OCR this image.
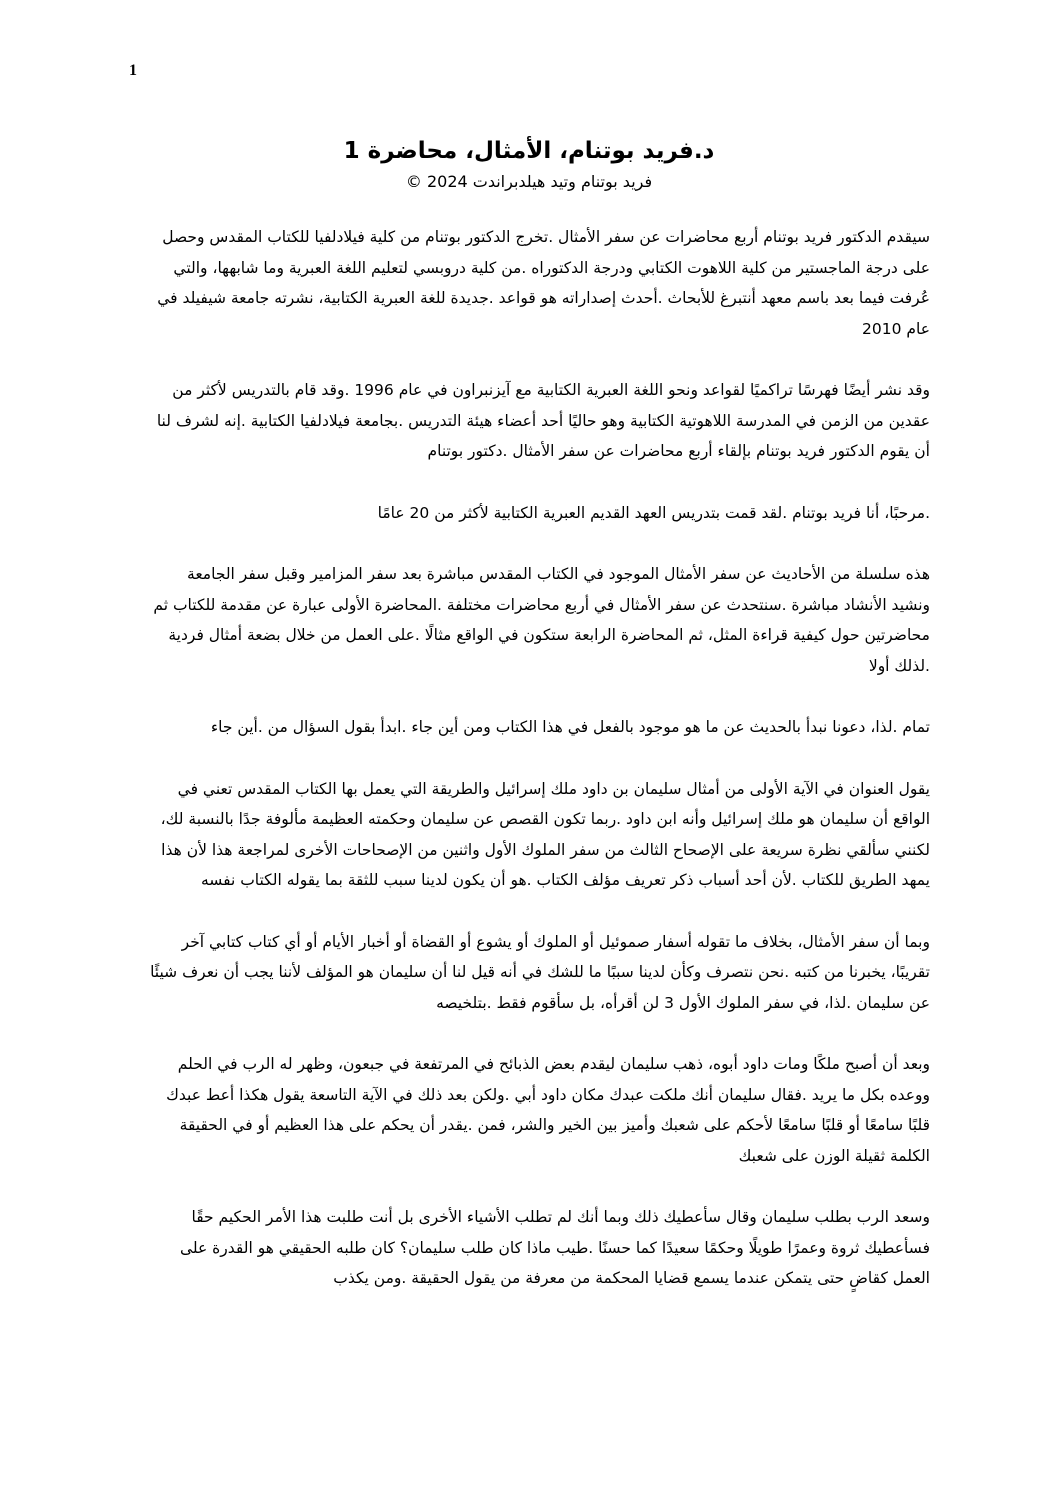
1
د.فريد بوتنام، الأمثال، محاضرة 1
فريد بوتنام وتيد هيلدبراندت 2024 ©

سيقدم الدكتور فريد بوتنام أربع محاضرات عن سفر الأمثال .تخرج الدكتور بوتنام من كلية فيلادلفيا للكتاب المقدس وحصل على درجة الماجستير من كلية اللاهوت الكتابي ودرجة الدكتوراه .من كلية دروبسي لتعليم اللغة العبرية وما شابهها، والتي عُرفت فيما بعد باسم معهد أنتبرغ للأبحاث .أحدث إصداراته هو قواعد .جديدة للغة العبرية الكتابية، نشرته جامعة شيفيلد في عام 2010

وقد نشر أيضًا فهرسًا تراكميًا لقواعد ونحو اللغة العبرية الكتابية مع آيزنبراون في عام 1996 .وقد قام بالتدريس لأكثر من عقدين من الزمن في المدرسة اللاهوتية الكتابية وهو حاليًا أحد أعضاء هيئة التدريس .بجامعة فيلادلفيا الكتابية .إنه لشرف لنا أن يقوم الدكتور فريد بوتنام بإلقاء أربع محاضرات عن سفر الأمثال .دكتور بوتنام

.مرحبًا، أنا فريد بوتنام .لقد قمت بتدريس العهد القديم العبرية الكتابية لأكثر من 20 عامًا

هذه سلسلة من الأحاديث عن سفر الأمثال الموجود في الكتاب المقدس مباشرة بعد سفر المزامير وقبل سفر الجامعة ونشيد الأنشاد مباشرة .سنتحدث عن سفر الأمثال في أربع محاضرات مختلفة .المحاضرة الأولى عبارة عن مقدمة للكتاب ثم محاضرتين حول كيفية قراءة المثل، ثم المحاضرة الرابعة ستكون في الواقع مثالًا .على العمل من خلال بضعة أمثال فردية .لذلك أولا

تمام .لذا، دعونا نبدأ بالحديث عن ما هو موجود بالفعل في هذا الكتاب ومن أين جاء .ابدأ بقول السؤال من .أين جاء

يقول العنوان في الآية الأولى من أمثال سليمان بن داود ملك إسرائيل والطريقة التي يعمل بها الكتاب المقدس تعني في الواقع أن سليمان هو ملك إسرائيل وأنه ابن داود .ربما تكون القصص عن سليمان وحكمته العظيمة مألوفة جدًا بالنسبة لك، لكنني سألقي نظرة سريعة على الإصحاح الثالث من سفر الملوك الأول واثنين من الإصحاحات الأخرى لمراجعة هذا لأن هذا يمهد الطريق للكتاب .لأن أحد أسباب ذكر تعريف مؤلف الكتاب .هو أن يكون لدينا سبب للثقة بما يقوله الكتاب نفسه

وبما أن سفر الأمثال، بخلاف ما تقوله أسفار صموئيل أو الملوك أو يشوع أو القضاة أو أخبار الأيام أو أي كتاب كتابي آخر تقريبًا، يخبرنا من كتبه .نحن نتصرف وكأن لدينا سببًا ما للشك في أنه قيل لنا أن سليمان هو المؤلف لأننا يجب أن نعرف شيئًا عن سليمان .لذا، في سفر الملوك الأول 3 لن أقرأه، بل سأقوم فقط .بتلخيصه

وبعد أن أصبح ملكًا ومات داود أبوه، ذهب سليمان ليقدم بعض الذبائح في المرتفعة في جبعون، وظهر له الرب في الحلم ووعده بكل ما يريد .فقال سليمان أنك ملكت عبدك مكان داود أبي .ولكن بعد ذلك في الآية التاسعة يقول هكذا أعط عبدك قلبًا سامعًا أو قلبًا سامعًا لأحكم على شعبك وأميز بين الخير والشر، فمن .يقدر أن يحكم على هذا العظيم أو في الحقيقة الكلمة ثقيلة الوزن على شعبك

وسعد الرب بطلب سليمان وقال سأعطيك ذلك وبما أنك لم تطلب الأشياء الأخرى بل أنت طلبت هذا الأمر الحكيم حقًا فسأعطيك ثروة وعمرًا طويلًا وحكمًا سعيدًا كما حسنًا .طيب ماذا كان طلب سليمان؟ كان طلبه الحقيقي هو القدرة على العمل كقاضٍ حتى يتمكن عندما يسمع قضايا المحكمة من معرفة من يقول الحقيقة .ومن يكذب
